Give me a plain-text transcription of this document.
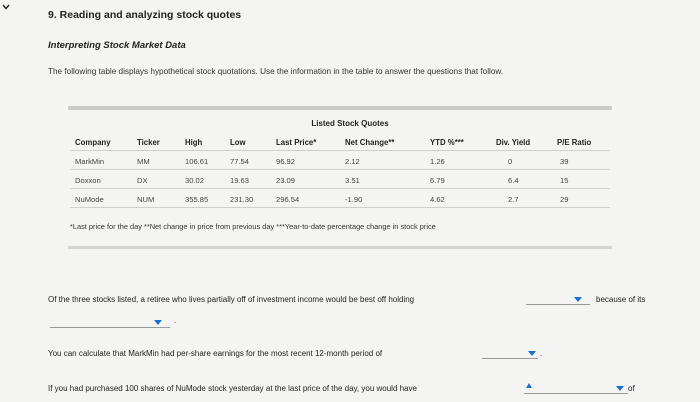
9. Reading and analyzing stock quotes
Interpreting Stock Market Data
The following table displays hypothetical stock quotations. Use the information in the table to answer the questions that follow.
Listed Stock Quotes
Company	Ticker	High	Low	Last Price*	Net Change**	YTD %***	Div. Yield	P/E Ratio
MarkMin	MM	106.61	77.54	96.92	2.12	1.26	0	39
Doxxon	DX	30.02	19.63	23.09	3.51	6.79	6.4	15
NuMode	NUM	355.85	231.30	296.54	-1.90	4.62	2.7	29
*Last price for the day **Net change in price from previous day ***Year-to-date percentage change in stock price
Of the three stocks listed, a retiree who lives partially off of investment income would be best off holding	because of its
.
You can calculate that MarkMin had per-share earnings for the most recent 12-month period of	.
If you had purchased 100 shares of NuMode stock yesterday at the last price of the day, you would have	of
